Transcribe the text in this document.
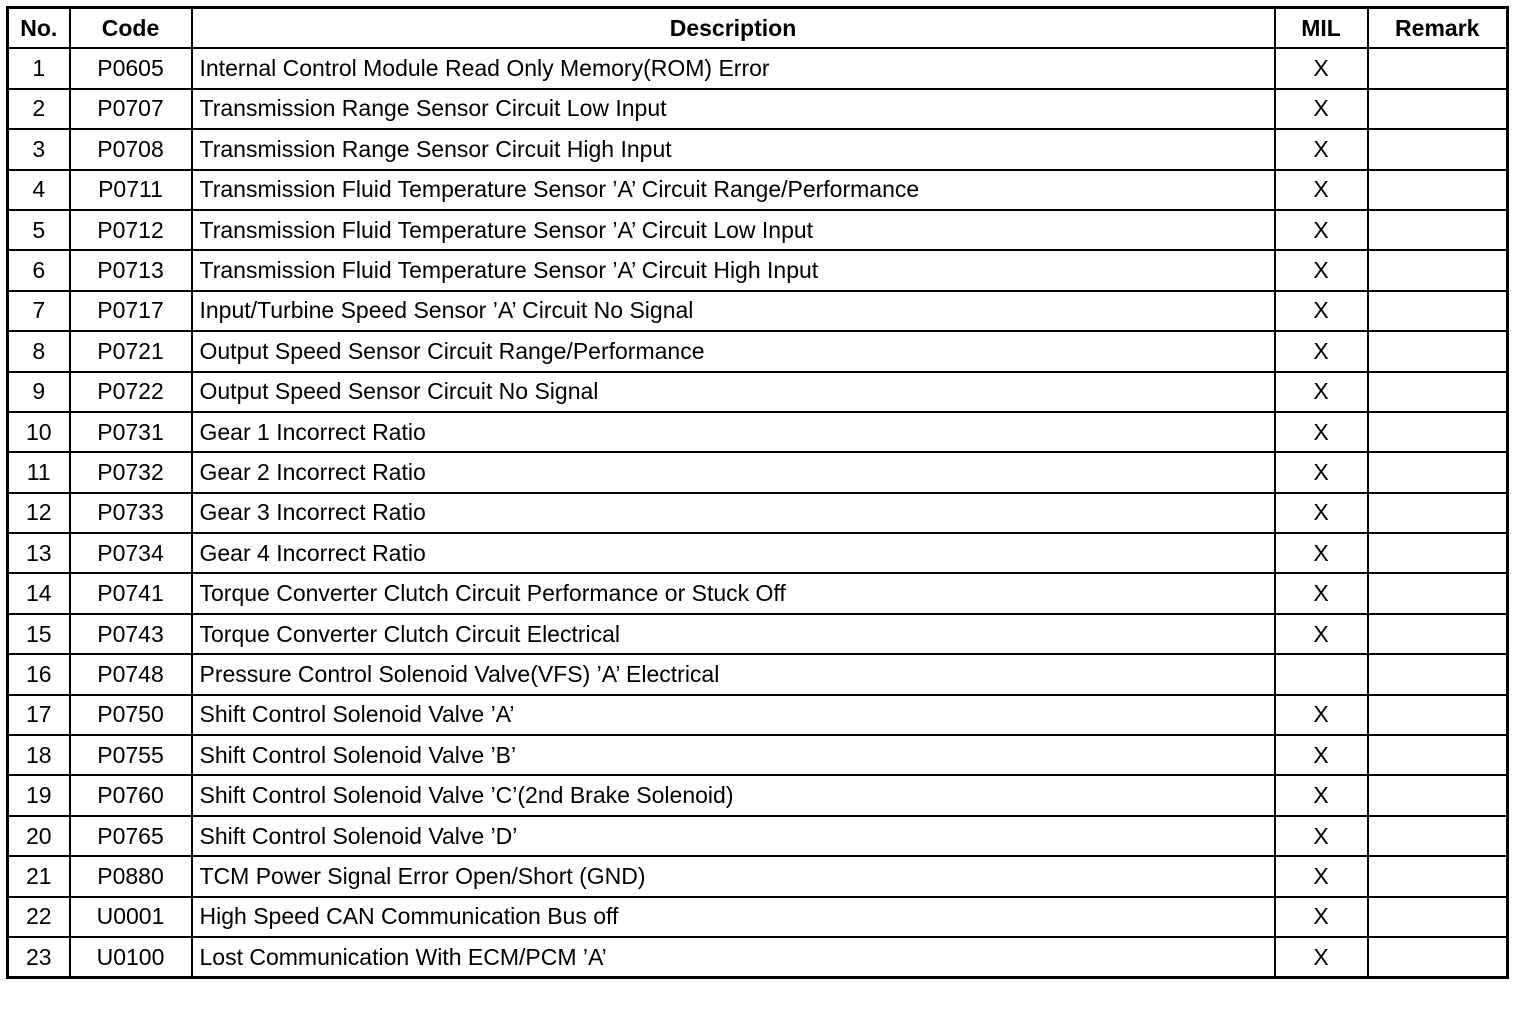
No.	Code	Description	MIL	Remark
1	P0605	Internal Control Module Read Only Memory(ROM) Error	X	
2	P0707	Transmission Range Sensor Circuit Low Input	X	
3	P0708	Transmission Range Sensor Circuit High Input	X	
4	P0711	Transmission Fluid Temperature Sensor ’A’ Circuit Range/Performance	X	
5	P0712	Transmission Fluid Temperature Sensor ’A’ Circuit Low Input	X	
6	P0713	Transmission Fluid Temperature Sensor ’A’ Circuit High Input	X	
7	P0717	Input/Turbine Speed Sensor ’A’ Circuit No Signal	X	
8	P0721	Output Speed Sensor Circuit Range/Performance	X	
9	P0722	Output Speed Sensor Circuit No Signal	X	
10	P0731	Gear 1 Incorrect Ratio	X	
11	P0732	Gear 2 Incorrect Ratio	X	
12	P0733	Gear 3 Incorrect Ratio	X	
13	P0734	Gear 4 Incorrect Ratio	X	
14	P0741	Torque Converter Clutch Circuit Performance or Stuck Off	X	
15	P0743	Torque Converter Clutch Circuit Electrical	X	
16	P0748	Pressure Control Solenoid Valve(VFS) ’A’ Electrical		
17	P0750	Shift Control Solenoid Valve ’A’	X	
18	P0755	Shift Control Solenoid Valve ’B’	X	
19	P0760	Shift Control Solenoid Valve ’C’(2nd Brake Solenoid)	X	
20	P0765	Shift Control Solenoid Valve ’D’	X	
21	P0880	TCM Power Signal Error Open/Short (GND)	X	
22	U0001	High Speed CAN Communication Bus off	X	
23	U0100	Lost Communication With ECM/PCM ’A’	X	
